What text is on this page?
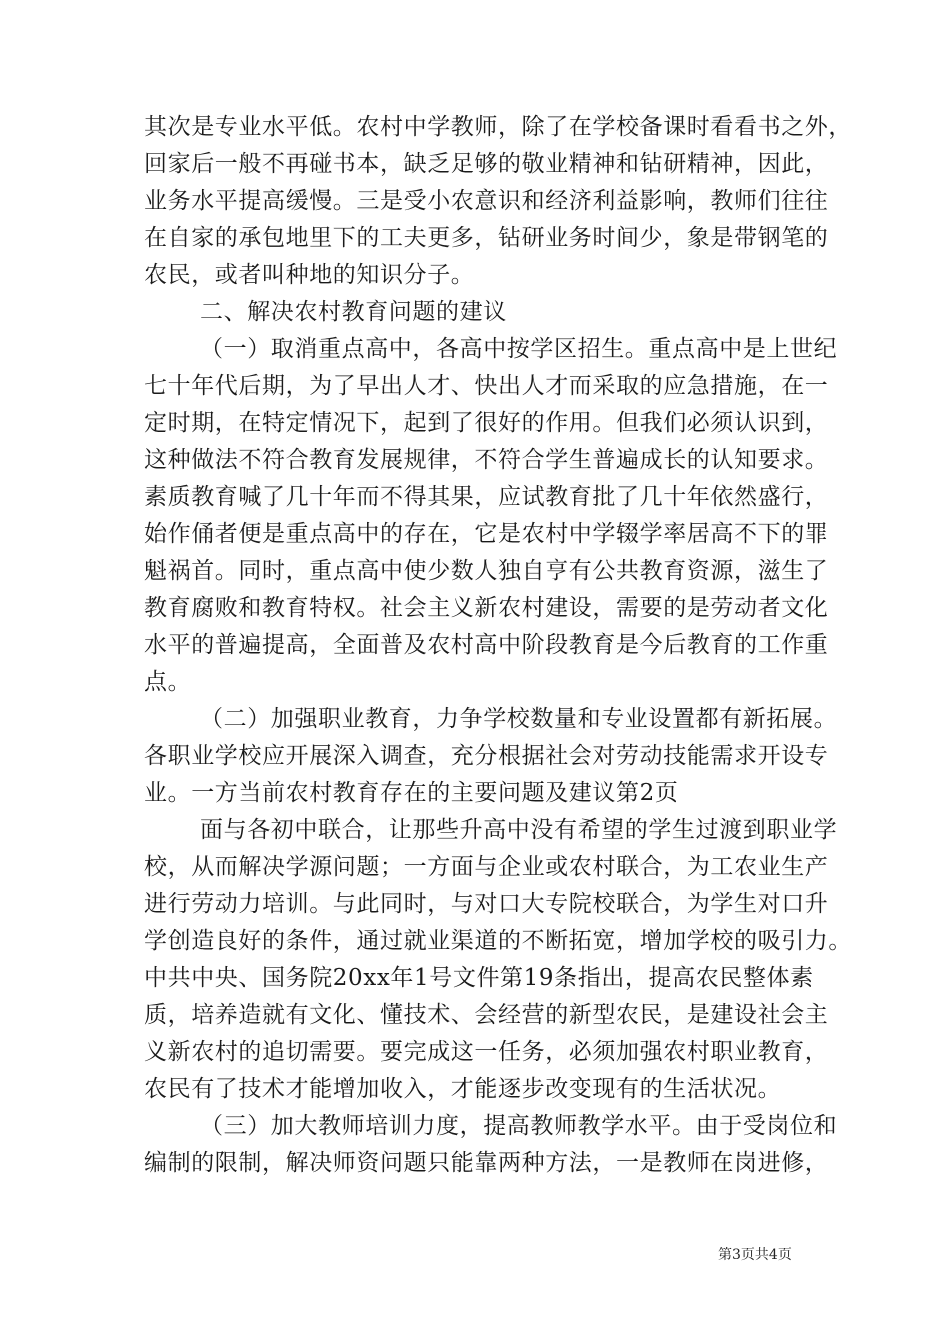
其次是专业水平低。农村中学教师，除了在学校备课时看看书之外，
回家后一般不再碰书本，缺乏足够的敬业精神和钻研精神，因此，
业务水平提高缓慢。三是受小农意识和经济利益影响，教师们往往
在自家的承包地里下的工夫更多，钻研业务时间少，象是带钢笔的
农民，或者叫种地的知识分子。
二、解决农村教育问题的建议
（一）取消重点高中，各高中按学区招生。重点高中是上世纪
七十年代后期，为了早出人才、快出人才而采取的应急措施，在一
定时期，在特定情况下，起到了很好的作用。但我们必须认识到，
这种做法不符合教育发展规律，不符合学生普遍成长的认知要求。
素质教育喊了几十年而不得其果，应试教育批了几十年依然盛行，
始作俑者便是重点高中的存在，它是农村中学辍学率居高不下的罪
魁祸首。同时，重点高中使少数人独自亨有公共教育资源，滋生了
教育腐败和教育特权。社会主义新农村建设，需要的是劳动者文化
水平的普遍提高，全面普及农村高中阶段教育是今后教育的工作重
点。
（二）加强职业教育，力争学校数量和专业设置都有新拓展。
各职业学校应开展深入调查，充分根据社会对劳动技能需求开设专
业。一方当前农村教育存在的主要问题及建议第2页
面与各初中联合，让那些升高中没有希望的学生过渡到职业学
校，从而解决学源问题；一方面与企业或农村联合，为工农业生产
进行劳动力培训。与此同时，与对口大专院校联合，为学生对口升
学创造良好的条件，通过就业渠道的不断拓宽，增加学校的吸引力。
中共中央、国务院20xx年1号文件第19条指出，提高农民整体素
质，培养造就有文化、懂技术、会经营的新型农民，是建设社会主
义新农村的追切需要。要完成这一任务，必须加强农村职业教育，
农民有了技术才能增加收入，才能逐步改变现有的生活状况。
（三）加大教师培训力度，提高教师教学水平。由于受岗位和
编制的限制，解决师资问题只能靠两种方法，一是教师在岗进修，
第3页共4页
